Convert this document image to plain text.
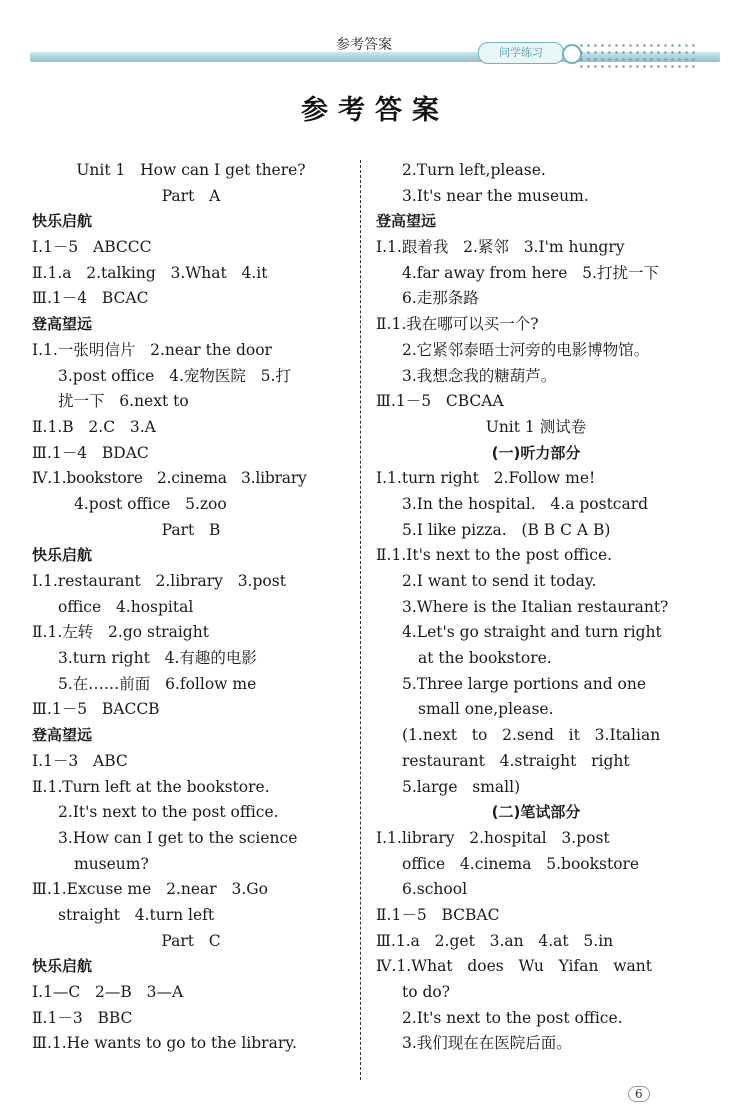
参考答案	问学练习
参考答案
Unit 1   How can I get there?
Part   A
快乐启航
Ⅰ.1－5   ABCCC
Ⅱ.1.a   2.talking   3.What   4.it
Ⅲ.1－4   BCAC
登高望远
Ⅰ.1.一张明信片   2.near the door
3.post office   4.宠物医院   5.打
扰一下   6.next to
Ⅱ.1.B   2.C   3.A
Ⅲ.1－4   BDAC
Ⅳ.1.bookstore   2.cinema   3.library
4.post office   5.zoo
Part   B
快乐启航
Ⅰ.1.restaurant   2.library   3.post
office   4.hospital
Ⅱ.1.左转   2.go straight
3.turn right   4.有趣的电影
5.在……前面   6.follow me
Ⅲ.1－5   BACCB
登高望远
Ⅰ.1－3   ABC
Ⅱ.1.Turn left at the bookstore.
2.It's next to the post office.
3.How can I get to the science
museum?
Ⅲ.1.Excuse me   2.near   3.Go
straight   4.turn left
Part   C
快乐启航
Ⅰ.1—C   2—B   3—A
Ⅱ.1－3   BBC
Ⅲ.1.He wants to go to the library.
2.Turn left,please.
3.It's near the museum.
登高望远
Ⅰ.1.跟着我   2.紧邻   3.I'm hungry
4.far away from here   5.打扰一下
6.走那条路
Ⅱ.1.我在哪可以买一个?
2.它紧邻泰晤士河旁的电影博物馆。
3.我想念我的糖葫芦。
Ⅲ.1－5   CBCAA
Unit 1 测试卷
(一)听力部分
Ⅰ.1.turn right   2.Follow me!
3.In the hospital.   4.a postcard
5.I like pizza.   (B B C A B)
Ⅱ.1.It's next to the post office.
2.I want to send it today.
3.Where is the Italian restaurant?
4.Let's go straight and turn right
at the bookstore.
5.Three large portions and one
small one,please.
(1.next   to   2.send   it   3.Italian
restaurant   4.straight   right
5.large   small)
(二)笔试部分
Ⅰ.1.library   2.hospital   3.post
office   4.cinema   5.bookstore
6.school
Ⅱ.1－5   BCBAC
Ⅲ.1.a   2.get   3.an   4.at   5.in
Ⅳ.1.What   does   Wu   Yifan   want
to do?
2.It's next to the post office.
3.我们现在在医院后面。
6
